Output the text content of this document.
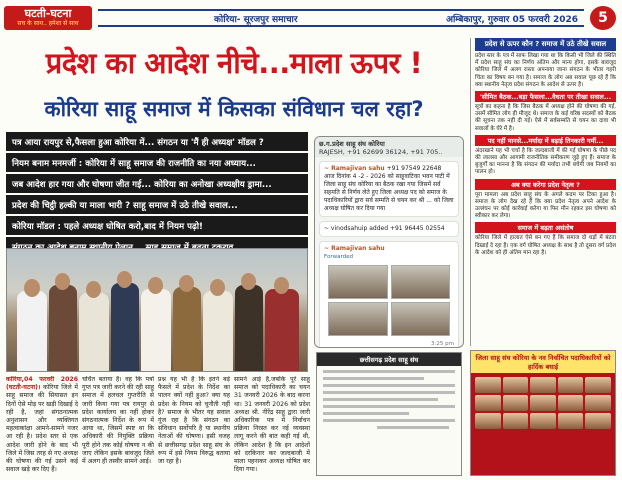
घटती-घटना
सच के साथ.. हमेशा से साथ	कोरिया- सूरजपुर समाचार	अम्बिकापुर, गुरुवार 05 फरवरी 2026	5
प्रदेश का आदेश नीचे...माला ऊपर !
कोरिया साहू समाज में किसका संविधान चल रहा?
पत्र आया रायपुर से,फैसला हुआ कोरिया में... संगठन या 'मैं ही अध्यक्ष' मॉडल ?
नियम बनाम मनमर्जी : कोरिया में साहू समाज की राजनीति का नया अध्याय...
जब आदेश हार गया और घोषणा जीत गई... कोरिया का अनोखा अध्यक्षीय ड्रामा...
प्रदेश की चिट्ठी हल्की या माला भारी ? साहू समाज में उठे तीखे सवाल...
कोरिया मॉडल : पहले अध्यक्ष घोषित करो,बाद में नियम पढ़ो!
छ.ग.प्रदेश साहू संघ कोरिया
RAJESH, +91 62699 36124, +91 705..
~ Ramajivan sahu +91 97549 22648
आज दिनांक 4 -2 - 2026 को साहूवाटिका भवन पाटी में जिला साहू संघ कोरिया का बैठक रखा गया जिसमें सर्व सहमति से निर्णय लेते हुए जिला अध्यक्ष पद को समाज के पदाधिकारियों द्वारा सर्व सम्मति से चयन कर श्री ... को जिला अध्यक्ष घोषित कर दिया गया
~ vinodsahuip added +91 96445 02554
~ Ramajivan sahu
Forwarded
3:25 pm
कोरिया,04 फरवरी 2026 (घटती-घटना)। कोरिया जिले में साहू समाज की सियासत इन दिनों ऐसे मोड़ पर खड़ी दिखाई दे रही है, जहां संगठनात्मक अनुशासन और व्यक्तिगत महत्वाकांक्षा आमने-सामने नजर आ रही है। प्रदेश स्तर से एक आदेश जारी होने के बाद भी जिले में जिस तरह से नए अध्यक्ष की घोषणा की गई उसने कई सवाल खड़े कर दिए हैं।
चर्चित बताया है। वह कि पत्रों गुप्त पत्र जारी करने की रही साहू समाज में हलचल गुप्तरीति से जारी किया गया पत्र रायपुर से प्रदेश कार्यालय का नहीं होकर संगठनात्मक निर्देश के रूप में आया था, जिसमें स्पष्ट था कि अधिकारी की नियुक्ति प्रक्रिया पूरी होने तक कोई घोषणा न की जाए लेकिन इसके बावजूद जिले में अलग ही तस्वीर सामने आई।
प्रश्न यह भी है कि इतने बड़े फैसले में प्रदेश के निर्देश का पालन क्यों नहीं हुआ? क्या यह प्रदेश के नियम को चुनौती नहीं है? समाज के भीतर यह सवाल गूंज रहा है कि संगठन का संविधान सर्वोपरि है या स्थानीय नेताओं की घोषणा। इसी वजह से छत्तीसगढ़ प्रदेश साहू संघ के रूप में इसे नियम विरुद्ध बताया जा रहा है।
सामने आई है,जबकि पूरे साहू समाज को पदाधिकारी का चयन 31 जनवरी 2026 के बाद करना था। 31 जनवरी 2026 को प्रदेश अध्यक्ष श्री. नीरेंद्र साहू द्वारा जारी अधिकारिक पत्र में निर्वाचन प्रक्रिया निरस्त कर नई व्यवस्था लागू करने की बात कही गई थी, लेकिन आदेश है कि इन आदेशों को दरकिनार कर जल्दबाजी में माला पहनाकर अध्यक्ष घोषित कर दिया गया।
प्रदेश से ऊपर कौन ? समाज में उठे तीखे सवाल
प्रदेश स्तर के पत्र में साफ लिखा गया था कि किसी भी जिले की स्थिति में प्रदेश साहू संघ का निर्णय अंतिम और मान्य होगा, इसके बावजूद कोरिया जिले में अलग रास्ता अपनाया जाना संगठन के भीतर गहरी चिंता का विषय बन गया है। समाज के लोग अब सवाल पूछ रहे हैं कि क्या स्थानीय नेतृत्व प्रदेश संगठन के आदेश से ऊपर है।
'सीमित बैठक...बड़ा फैसला...वैधता पर तीखा सवाल...
सूत्रों का कहना है कि जिस बैठक में अध्यक्ष होने की घोषणा की गई, उसमें सीमित लोग ही मौजूद थे। समाज के कई वरिष्ठ सदस्यों को बैठक की सूचना तक नहीं दी गई। ऐसे में सर्वसम्मति से चयन का दावा भी सवालों के घेरे में है।
पद नहीं मानसे...मर्यादा में बढ़ाई तिनकारी गर्मी...
अंदरखाने यह भी चर्चा है कि जल्दबाजी में की गई घोषणा के पीछे पद की लालसा और आगामी राजनीतिक समीकरण जुड़े हुए हैं। समाज के बुजुर्गों का मानना है कि संगठन की मर्यादा तभी बचेगी जब नियमों का पालन हो।
अब क्या करेगा प्रदेश नेतृत्व ?
पूरा मामला अब प्रदेश साहू संघ के अगले कदम पर टिका हुआ है। समाज के लोग देख रहे हैं कि क्या प्रदेश नेतृत्व अपने आदेश के उल्लंघन पर कोई कार्रवाई करेगा या फिर मौन रहकर इस घोषणा को स्वीकार कर लेगा।
समाज में बढ़ता असंतोष
कोरिया जिले में हालात ऐसे बन गए हैं कि समाज दो धड़ों में बंटता दिखाई दे रहा है। एक वर्ग घोषित अध्यक्ष के साथ है तो दूसरा वर्ग प्रदेश के आदेश को ही अंतिम मान रहा है।
छत्तीसगढ़ प्रदेश साहू संघ	जिला साहू संघ कोरिया के नव निर्वाचित पदाधिकारियों को हार्दिक बधाई
